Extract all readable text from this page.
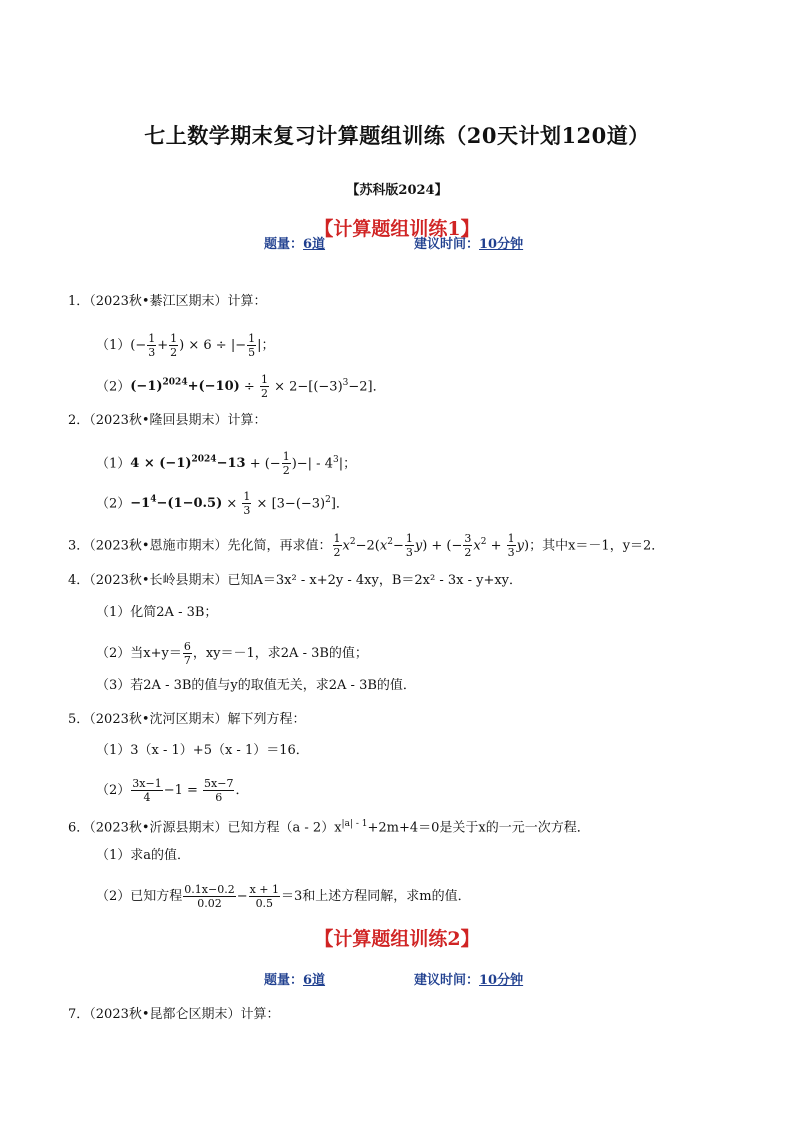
七上数学期末复习计算题组训练（20天计划120道）
【苏科版2024】
【计算题组训练1】
题量：6道	建议时间：10分钟
1．（2023秋•綦江区期末）计算：
$(1)(- \frac{1}{3} + \frac{1}{2}$ ) × 6 ÷ |− $\frac{1}{5}$ |；
$(2)(-1)^{2024}+(-10) \div \frac{1}{2} \times 2-[(-3)^3-2]$．
2．（2023秋•隆回县期末）计算：
$(1)4 \times (-1)^{2024}-13$ + (− $\frac{1}{2}$ )−| - $4^3|$；
$(2)-1^4-(1-0.5) \times \frac{1}{3} \times [3-(-3)^2]$．
3．（2023秋•恩施市期末）先化简，再求值： $\frac{1}{2} x^2-2(x^2- \frac{1}{3} y)$ + (− $\frac{3}{2} x^2 + \frac{1}{3} y$)；其中x＝－1，y＝2．
4．（2023秋•长岭县期末）已知A＝3x² - x+2y - 4xy，B＝2x² - 3x - y+xy．
（1）化简2A - 3B；
（2）当$x+y= \frac{6}{7}$ ，xy＝－1，求2A - 3B的值；
（3）若2A - 3B的值与y的取值无关，求2A - 3B的值．
5．（2023秋•沈河区期末）解下列方程：
（1）3（x - 1）+5（x - 1）＝16．
$(2) \frac{3x-1}{4} -1 = \frac{5x-7}{6}$ ．
6．（2023秋•沂源县期末）已知方程$(a - 2)x^{|a| - 1}+2m+4=0$是关于x的一元一次方程．
（1）求a的值．
（2）已知方程 $\frac{0.1x-0.2}{0.02} - \frac{x + 1}{0.5} =3$和上述方程同解，求m的值．
【计算题组训练2】
题量：6道	建议时间：10分钟
7．（2023秋•昆都仑区期末）计算：
